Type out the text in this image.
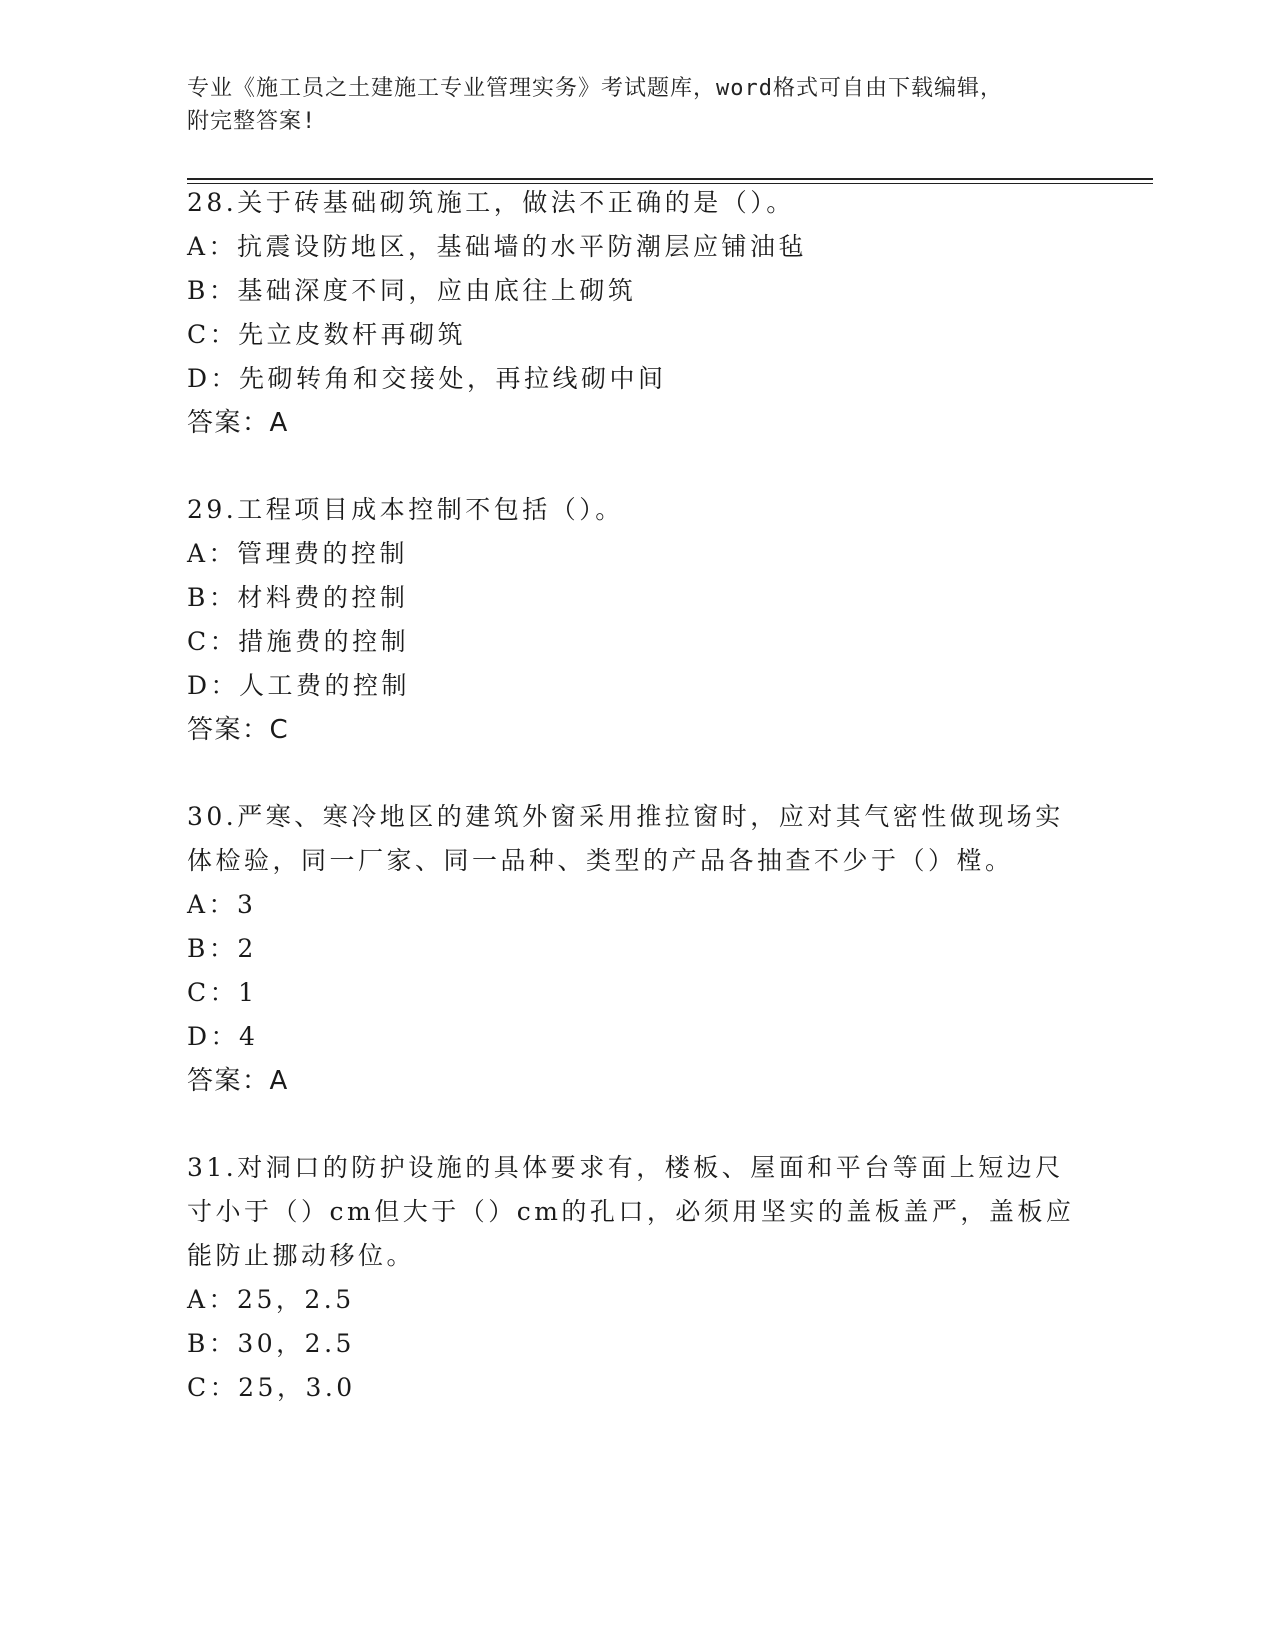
专业《施工员之土建施工专业管理实务》考试题库，word格式可自由下载编辑，
附完整答案!
28.关于砖基础砌筑施工，做法不正确的是（）。
A：抗震设防地区，基础墙的水平防潮层应铺油毡
B：基础深度不同，应由底往上砌筑
C：先立皮数杆再砌筑
D：先砌转角和交接处，再拉线砌中间
答案：A
29.工程项目成本控制不包括（）。
A：管理费的控制
B：材料费的控制
C：措施费的控制
D：人工费的控制
答案：C
30.严寒、寒冷地区的建筑外窗采用推拉窗时，应对其气密性做现场实
体检验，同一厂家、同一品种、类型的产品各抽查不少于（）樘。
A：3
B：2
C：1
D：4
答案：A
31.对洞口的防护设施的具体要求有，楼板、屋面和平台等面上短边尺
寸小于（）cm但大于（）cm的孔口，必须用坚实的盖板盖严，盖板应
能防止挪动移位。
A：25，2.5
B：30，2.5
C：25，3.0
